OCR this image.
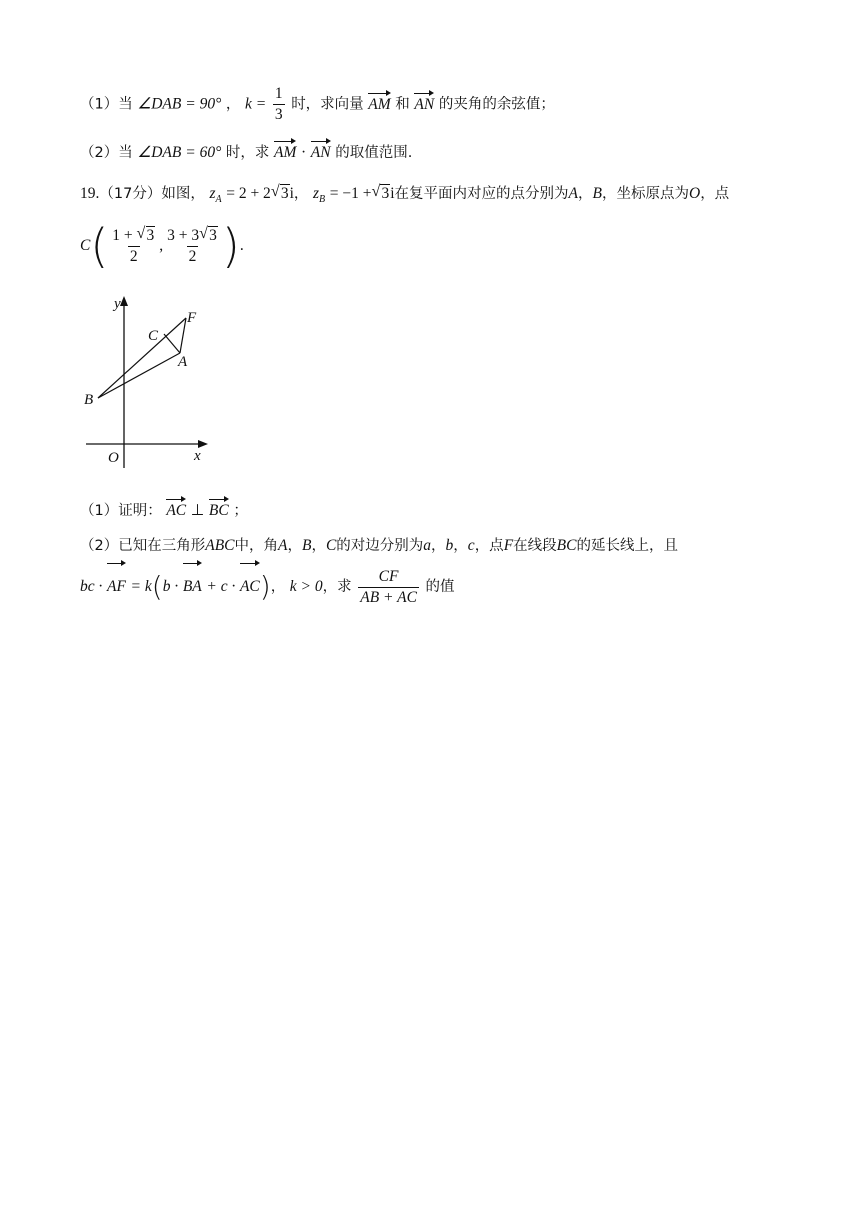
（1）当 ∠DAB = 90° ， $k = \frac{1}{3}$ 时，求向量 AM 和 AN 的夹角的余弦值；
（2）当 ∠DAB = 60° 时，求 AM · AN 的取值范围.
19.（17分）如图， $z_A = 2 + 2$ √ 3i， $z_B = -1$ + √ 3i在复平面内对应的点分别为A，B，坐标原点为O，点
$C( \frac{1 + √ 3}{2}$ , $\frac{3 + 3 √ 3}{2}$ ).
y
x
O
A
B
C
F
（1）证明： AC ⊥ BC ；
（2）已知在三角形ABC中，角A，B，C的对边分别为a，b，c，点F在线段BC的延长线上，且
bc · AF = k(b · BA + c · AC)， k > 0，求 $\frac{CF}{AB + AC}$ 的值
